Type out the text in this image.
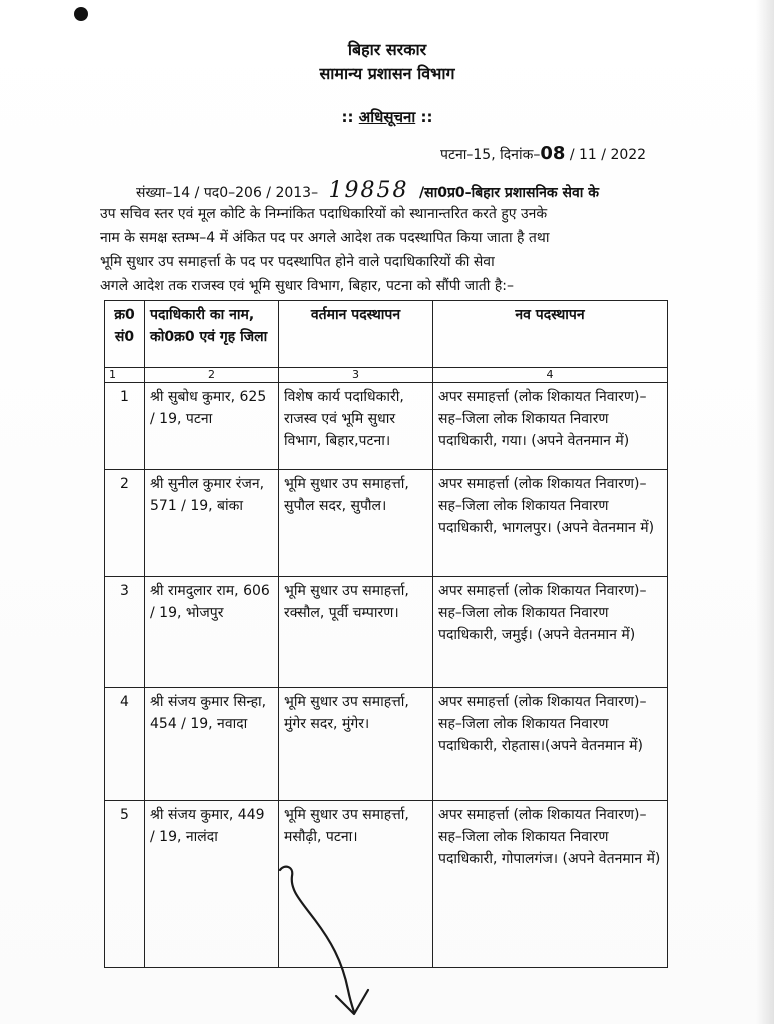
बिहार सरकार
सामान्य प्रशासन विभाग
:: अधिसूचना ::
पटना–15, दिनांक–08 / 11 / 2022
संख्या–14 / पद0–206 / 2013– 19858 /सा0प्र0–बिहार प्रशासनिक सेवा के
उप सचिव स्तर एवं मूल कोटि के निम्नांकित पदाधिकारियों को स्थानान्तरित करते हुए उनके
नाम के समक्ष स्तम्भ–4 में अंकित पद पर अगले आदेश तक पदस्थापित किया जाता है तथा
भूमि सुधार उप समाहर्त्ता के पद पर पदस्थापित होने वाले पदाधिकारियों की सेवा
अगले आदेश तक राजस्व एवं भूमि सुधार विभाग, बिहार, पटना को सौंपी जाती है:–
क्र0 सं0	पदाधिकारी का नाम, को0क्र0 एवं गृह जिला	वर्तमान पदस्थापन	नव पदस्थापन
1	2	3	4
1	श्री सुबोध कुमार, 625 / 19, पटना	विशेष कार्य पदाधिकारी, राजस्व एवं भूमि सुधार विभाग, बिहार,पटना।	अपर समाहर्त्ता (लोक शिकायत निवारण)– सह–जिला लोक शिकायत निवारण पदाधिकारी, गया। (अपने वेतनमान में)
2	श्री सुनील कुमार रंजन, 571 / 19, बांका	भूमि सुधार उप समाहर्त्ता, सुपौल सदर, सुपौल।	अपर समाहर्त्ता (लोक शिकायत निवारण)– सह–जिला लोक शिकायत निवारण पदाधिकारी, भागलपुर। (अपने वेतनमान में)
3	श्री रामदुलार राम, 606 / 19, भोजपुर	भूमि सुधार उप समाहर्त्ता, रक्सौल, पूर्वी चम्पारण।	अपर समाहर्त्ता (लोक शिकायत निवारण)– सह–जिला लोक शिकायत निवारण पदाधिकारी, जमुई। (अपने वेतनमान में)
4	श्री संजय कुमार सिन्हा, 454 / 19, नवादा	भूमि सुधार उप समाहर्त्ता, मुंगेर सदर, मुंगेर।	अपर समाहर्त्ता (लोक शिकायत निवारण)– सह–जिला लोक शिकायत निवारण पदाधिकारी, रोहतास।(अपने वेतनमान में)
5	श्री संजय कुमार, 449 / 19, नालंदा	भूमि सुधार उप समाहर्त्ता, मसौढ़ी, पटना।	अपर समाहर्त्ता (लोक शिकायत निवारण)– सह–जिला लोक शिकायत निवारण पदाधिकारी, गोपालगंज। (अपने वेतनमान में)
